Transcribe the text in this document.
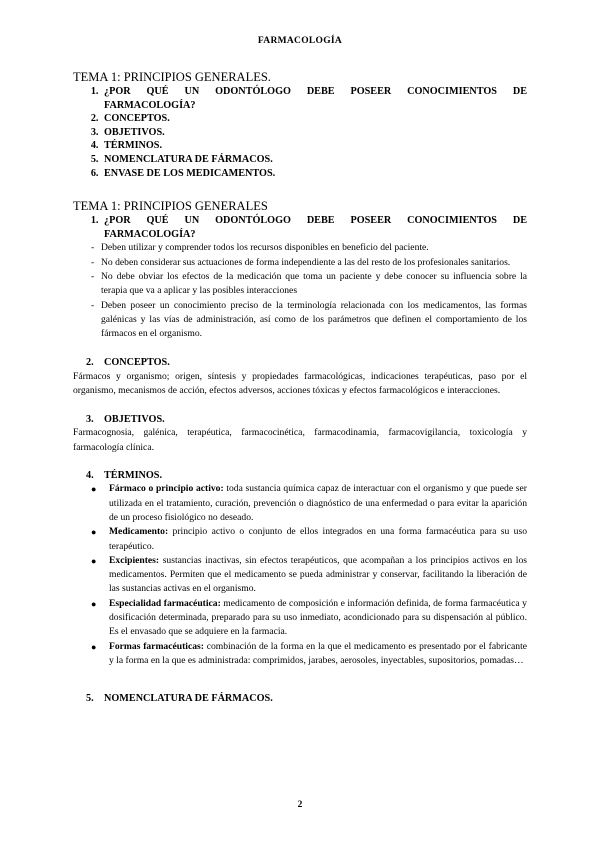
FARMACOLOGÍA
TEMA 1: PRINCIPIOS GENERALES.
1. ¿POR QUÉ UN ODONTÓLOGO DEBE POSEER CONOCIMIENTOS DE FARMACOLOGÍA?
2. CONCEPTOS.
3. OBJETIVOS.
4. TÉRMINOS.
5. NOMENCLATURA DE FÁRMACOS.
6. ENVASE DE LOS MEDICAMENTOS.
TEMA 1: PRINCIPIOS GENERALES
1. ¿POR QUÉ UN ODONTÓLOGO DEBE POSEER CONOCIMIENTOS DE FARMACOLOGÍA?
- Deben utilizar y comprender todos los recursos disponibles en beneficio del paciente.
- No deben considerar sus actuaciones de forma independiente a las del resto de los profesionales sanitarios.
- No debe obviar los efectos de la medicación que toma un paciente y debe conocer su influencia sobre la terapia que va a aplicar y las posibles interacciones
- Deben poseer un conocimiento preciso de la terminología relacionada con los medicamentos, las formas galénicas y las vías de administración, así como de los parámetros que definen el comportamiento de los fármacos en el organismo.
2. CONCEPTOS.

Fármacos y organismo; origen, síntesis y propiedades farmacológicas, indicaciones terapéuticas, paso por el organismo, mecanismos de acción, efectos adversos, acciones tóxicas y efectos farmacológicos e interacciones.

3. OBJETIVOS.

Farmacognosia, galénica, terapéutica, farmacocinética, farmacodinamia, farmacovigilancia, toxicología y farmacología clínica.

4. TÉRMINOS.
● Fármaco o principio activo: toda sustancia química capaz de interactuar con el organismo y que puede ser utilizada en el tratamiento, curación, prevención o diagnóstico de una enfermedad o para evitar la aparición de un proceso fisiológico no deseado.
● Medicamento: principio activo o conjunto de ellos integrados en una forma farmacéutica para su uso terapéutico.
● Excipientes: sustancias inactivas, sin efectos terapéuticos, que acompañan a los principios activos en los medicamentos. Permiten que el medicamento se pueda administrar y conservar, facilitando la liberación de las sustancias activas en el organismo.
● Especialidad farmacéutica: medicamento de composición e información definida, de forma farmacéutica y dosificación determinada, preparado para su uso inmediato, acondicionado para su dispensación al público. Es el envasado que se adquiere en la farmacia.
● Formas farmacéuticas: combinación de la forma en la que el medicamento es presentado por el fabricante y la forma en la que es administrada: comprimidos, jarabes, aerosoles, inyectables, supositorios, pomadas…
5. NOMENCLATURA DE FÁRMACOS.
2
